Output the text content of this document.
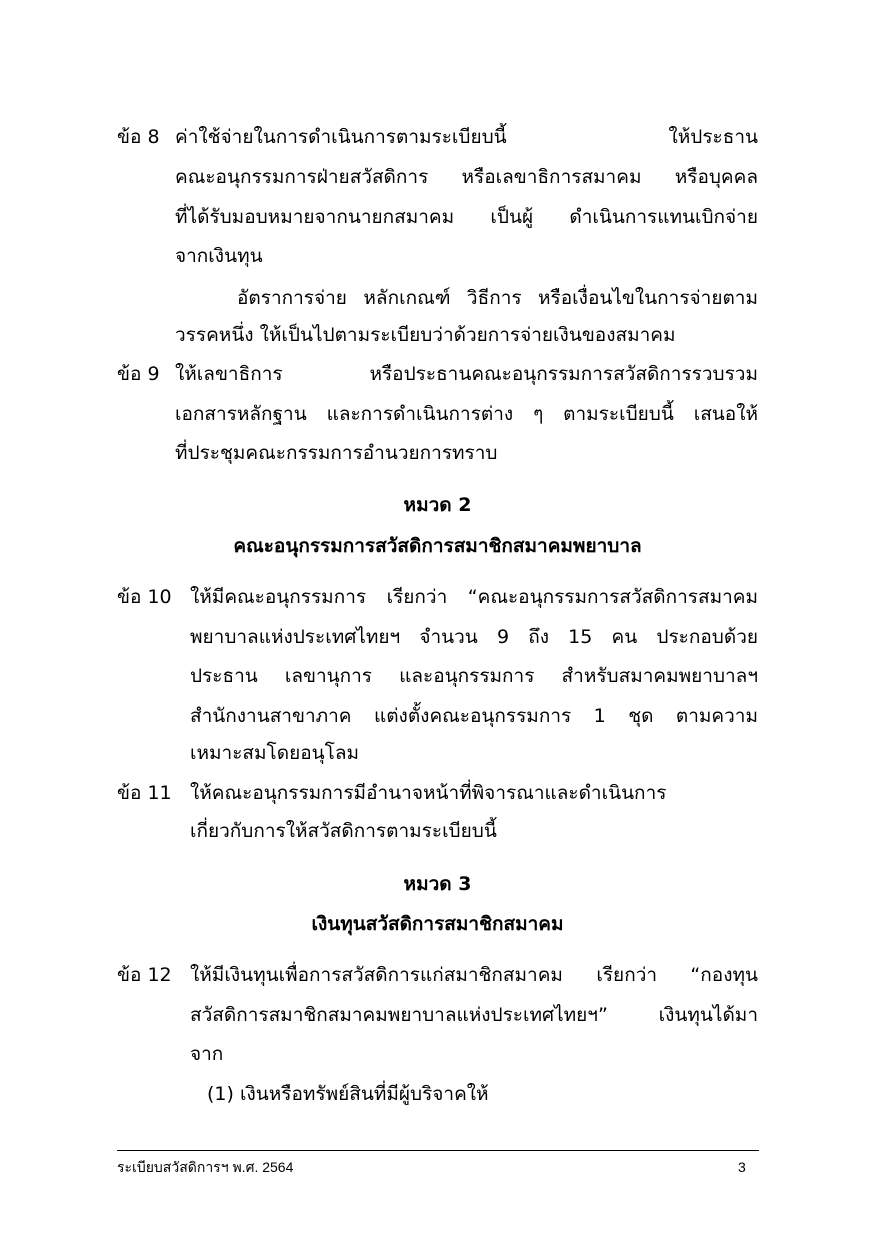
ข้อ 8 ค่าใช้จ่ายในการดำเนินการตามระเบียบนี้ ให้ประธาน
คณะอนุกรรมการฝ่ายสวัสดิการ หรือเลขาธิการสมาคม หรือบุคคล
ที่ได้รับมอบหมายจากนายกสมาคม เป็นผู้ ดำเนินการแทนเบิกจ่าย
จากเงินทุน
อัตราการจ่าย หลักเกณฑ์ วิธีการ หรือเงื่อนไขในการจ่ายตาม
วรรคหนึ่ง ให้เป็นไปตามระเบียบว่าด้วยการจ่ายเงินของสมาคม
ข้อ 9 ให้เลขาธิการ หรือประธานคณะอนุกรรมการสวัสดิการรวบรวม
เอกสารหลักฐาน และการดำเนินการต่าง ๆ ตามระเบียบนี้ เสนอให้
ที่ประชุมคณะกรรมการอำนวยการทราบ
หมวด 2
คณะอนุกรรมการสวัสดิการสมาชิกสมาคมพยาบาล
ข้อ 10 ให้มีคณะอนุกรรมการ เรียกว่า “คณะอนุกรรมการสวัสดิการสมาคม
พยาบาลแห่งประเทศไทยฯ จำนวน 9 ถึง 15 คน ประกอบด้วย
ประธาน เลขานุการ และอนุกรรมการ สำหรับสมาคมพยาบาลฯ
สำนักงานสาขาภาค แต่งตั้งคณะอนุกรรมการ 1 ชุด ตามความ
เหมาะสมโดยอนุโลม
ข้อ 11 ให้คณะอนุกรรมการมีอำนาจหน้าที่พิจารณาและดำเนินการ
เกี่ยวกับการให้สวัสดิการตามระเบียบนี้
หมวด 3
เงินทุนสวัสดิการสมาชิกสมาคม
ข้อ 12 ให้มีเงินทุนเพื่อการสวัสดิการแก่สมาชิกสมาคม เรียกว่า “กองทุน
สวัสดิการสมาชิกสมาคมพยาบาลแห่งประเทศไทยฯ” เงินทุนได้มา
จาก
(1) เงินหรือทรัพย์สินที่มีผู้บริจาคให้
ระเบียบสวัสดิการฯ พ.ศ. 2564	3
